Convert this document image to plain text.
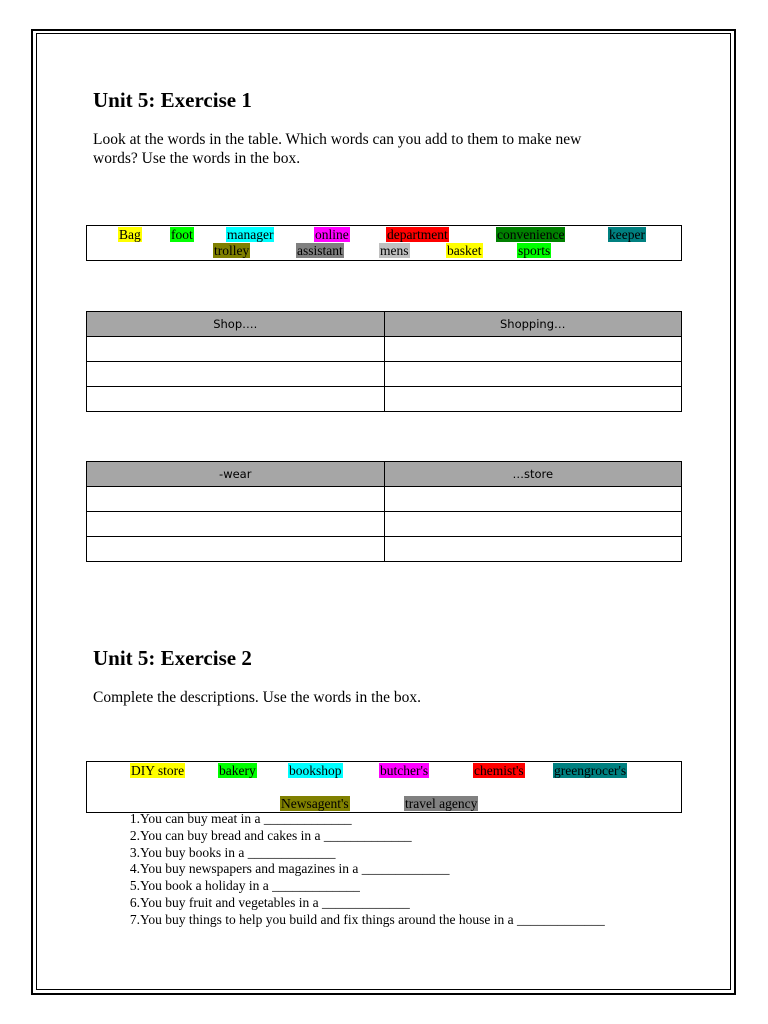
Unit 5: Exercise 1
Look at the words in the table. Which words can you add to them to make new
words? Use the words in the box.
Bag foot	manager	online	department	convenience	keeper
trolley	assistant	mens	basket	sports
Shop….	Shopping…

-wear	…store

Unit 5: Exercise 2
Complete the descriptions. Use the words in the box.
DIY store	bakery bookshop	butcher's	chemist's greengrocer's
Newsagent's	travel agency
1.You can buy meat in a _____________
2.You can buy bread and cakes in a _____________
3.You buy books in a _____________
4.You buy newspapers and magazines in a _____________
5.You book a holiday in a _____________
6.You buy fruit and vegetables in a _____________
7.You buy things to help you build and fix things around the house in a _____________
